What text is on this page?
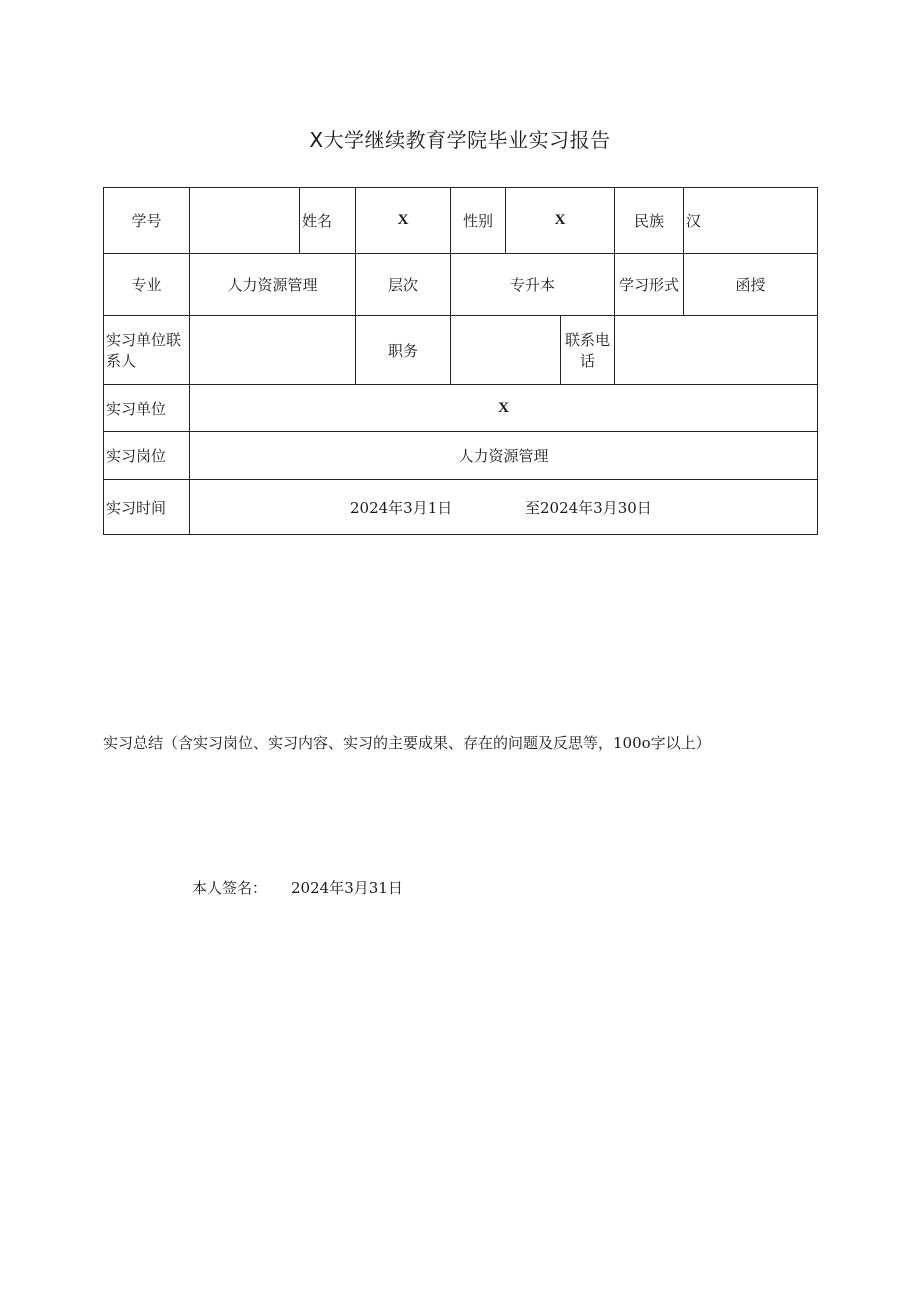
X大学继续教育学院毕业实习报告
学号		姓名	X	性别	X		民族	汉
专业	人力资源管理		层次	专升本			学习形式	函授
实习单位联系人			职务			联系电话		
实习单位	X							
实习岗位	人力资源管理							
实习时间	2024年3月1日 至2024年3月30日							
实习总结（含实习岗位、实习内容、实习的主要成果、存在的问题及反思等，100o字以上）
本人签名： 2024年3月31日
